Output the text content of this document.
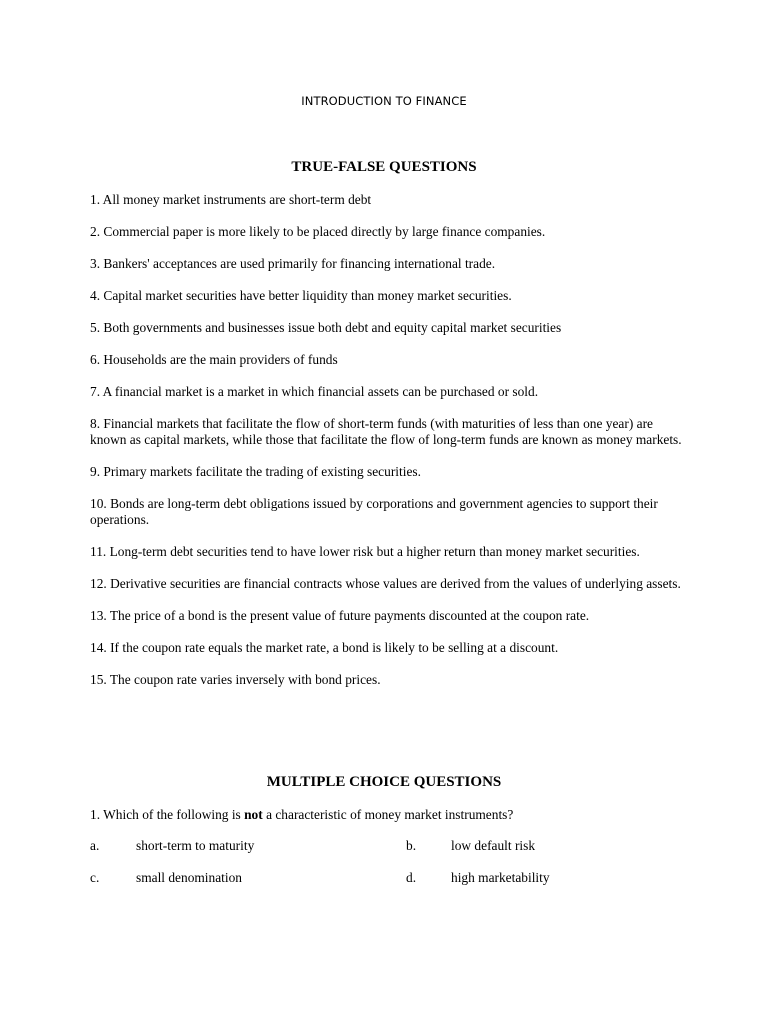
INTRODUCTION TO FINANCE
TRUE-FALSE QUESTIONS

1. All money market instruments are short-term debt

2. Commercial paper is more likely to be placed directly by large finance companies.

3. Bankers' acceptances are used primarily for financing international trade.

4. Capital market securities have better liquidity than money market securities.

5. Both governments and businesses issue both debt and equity capital market securities

6. Households are the main providers of funds

7. A financial market is a market in which financial assets can be purchased or sold.

8. Financial markets that facilitate the flow of short-term funds (with maturities of less than one year) are known as capital markets, while those that facilitate the flow of long-term funds are known as money markets.

9. Primary markets facilitate the trading of existing securities.

10. Bonds are long-term debt obligations issued by corporations and government agencies to support their operations.

11. Long-term debt securities tend to have lower risk but a higher return than money market securities.

12. Derivative securities are financial contracts whose values are derived from the values of underlying assets.

13. The price of a bond is the present value of future payments discounted at the coupon rate.

14. If the coupon rate equals the market rate, a bond is likely to be selling at a discount.

15. The coupon rate varies inversely with bond prices.

MULTIPLE CHOICE QUESTIONS
1. Which of the following is not a characteristic of money market instruments?
a.	short-term to maturity	b.	low default risk
c.	small denomination	d.	high marketability
